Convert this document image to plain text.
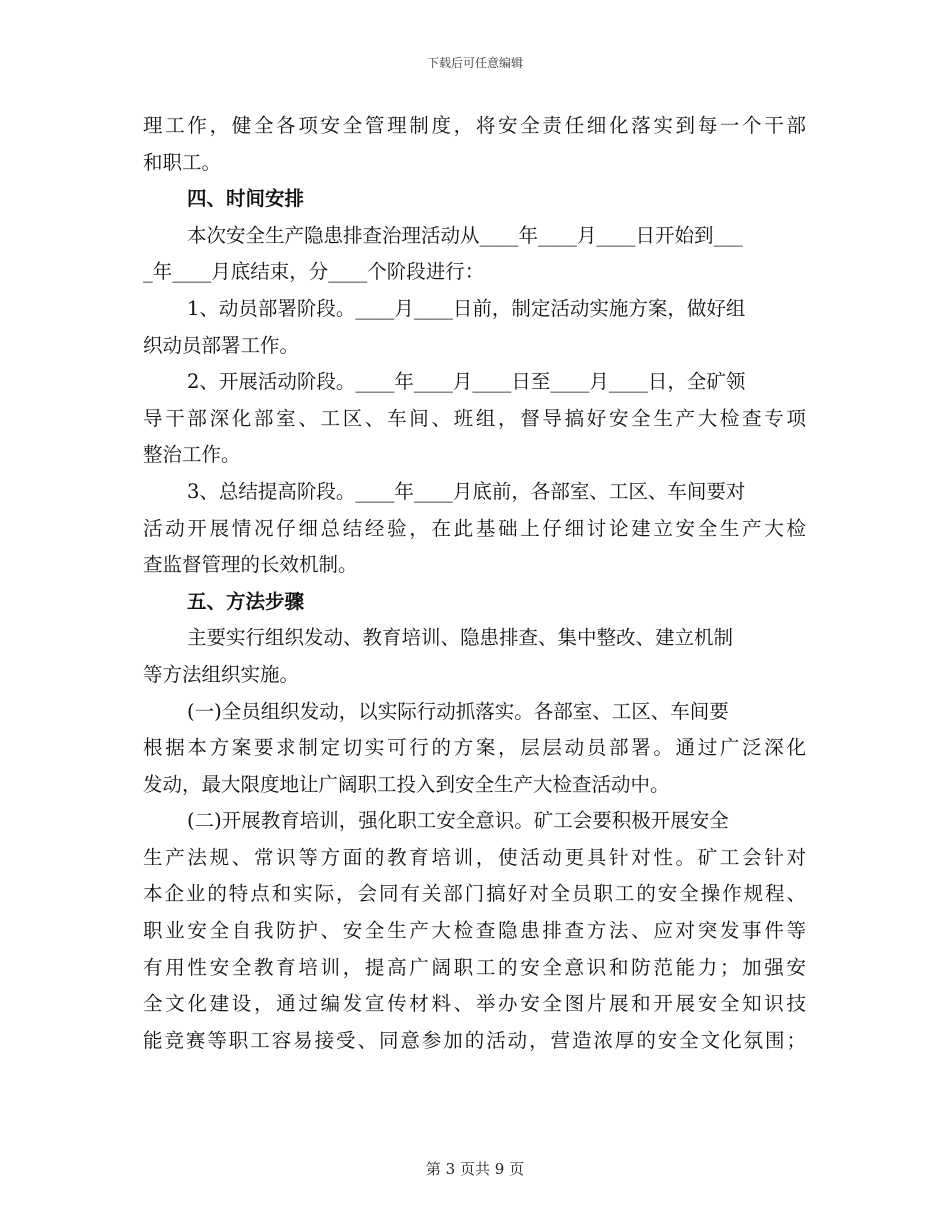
下载后可任意编辑
理工作，健全各项安全管理制度，将安全责任细化落实到每一个干部
和职工。
四、时间安排
本次安全生产隐患排查治理活动从____年____月____日开始到___
_年____月底结束，分____个阶段进行：
1、动员部署阶段。____月____日前，制定活动实施方案，做好组
织动员部署工作。
2、开展活动阶段。____年____月____日至____月____日，全矿领
导干部深化部室、工区、车间、班组，督导搞好安全生产大检查专项
整治工作。
3、总结提高阶段。____年____月底前，各部室、工区、车间要对
活动开展情况仔细总结经验，在此基础上仔细讨论建立安全生产大检
查监督管理的长效机制。
五、方法步骤
主要实行组织发动、教育培训、隐患排查、集中整改、建立机制
等方法组织实施。
(一)全员组织发动，以实际行动抓落实。各部室、工区、车间要
根据本方案要求制定切实可行的方案，层层动员部署。通过广泛深化
发动，最大限度地让广阔职工投入到安全生产大检查活动中。
(二)开展教育培训，强化职工安全意识。矿工会要积极开展安全
生产法规、常识等方面的教育培训，使活动更具针对性。矿工会针对
本企业的特点和实际，会同有关部门搞好对全员职工的安全操作规程、
职业安全自我防护、安全生产大检查隐患排查方法、应对突发事件等
有用性安全教育培训，提高广阔职工的安全意识和防范能力；加强安
全文化建设，通过编发宣传材料、举办安全图片展和开展安全知识技
能竞赛等职工容易接受、同意参加的活动，营造浓厚的安全文化氛围；
第 3 页共 9 页
